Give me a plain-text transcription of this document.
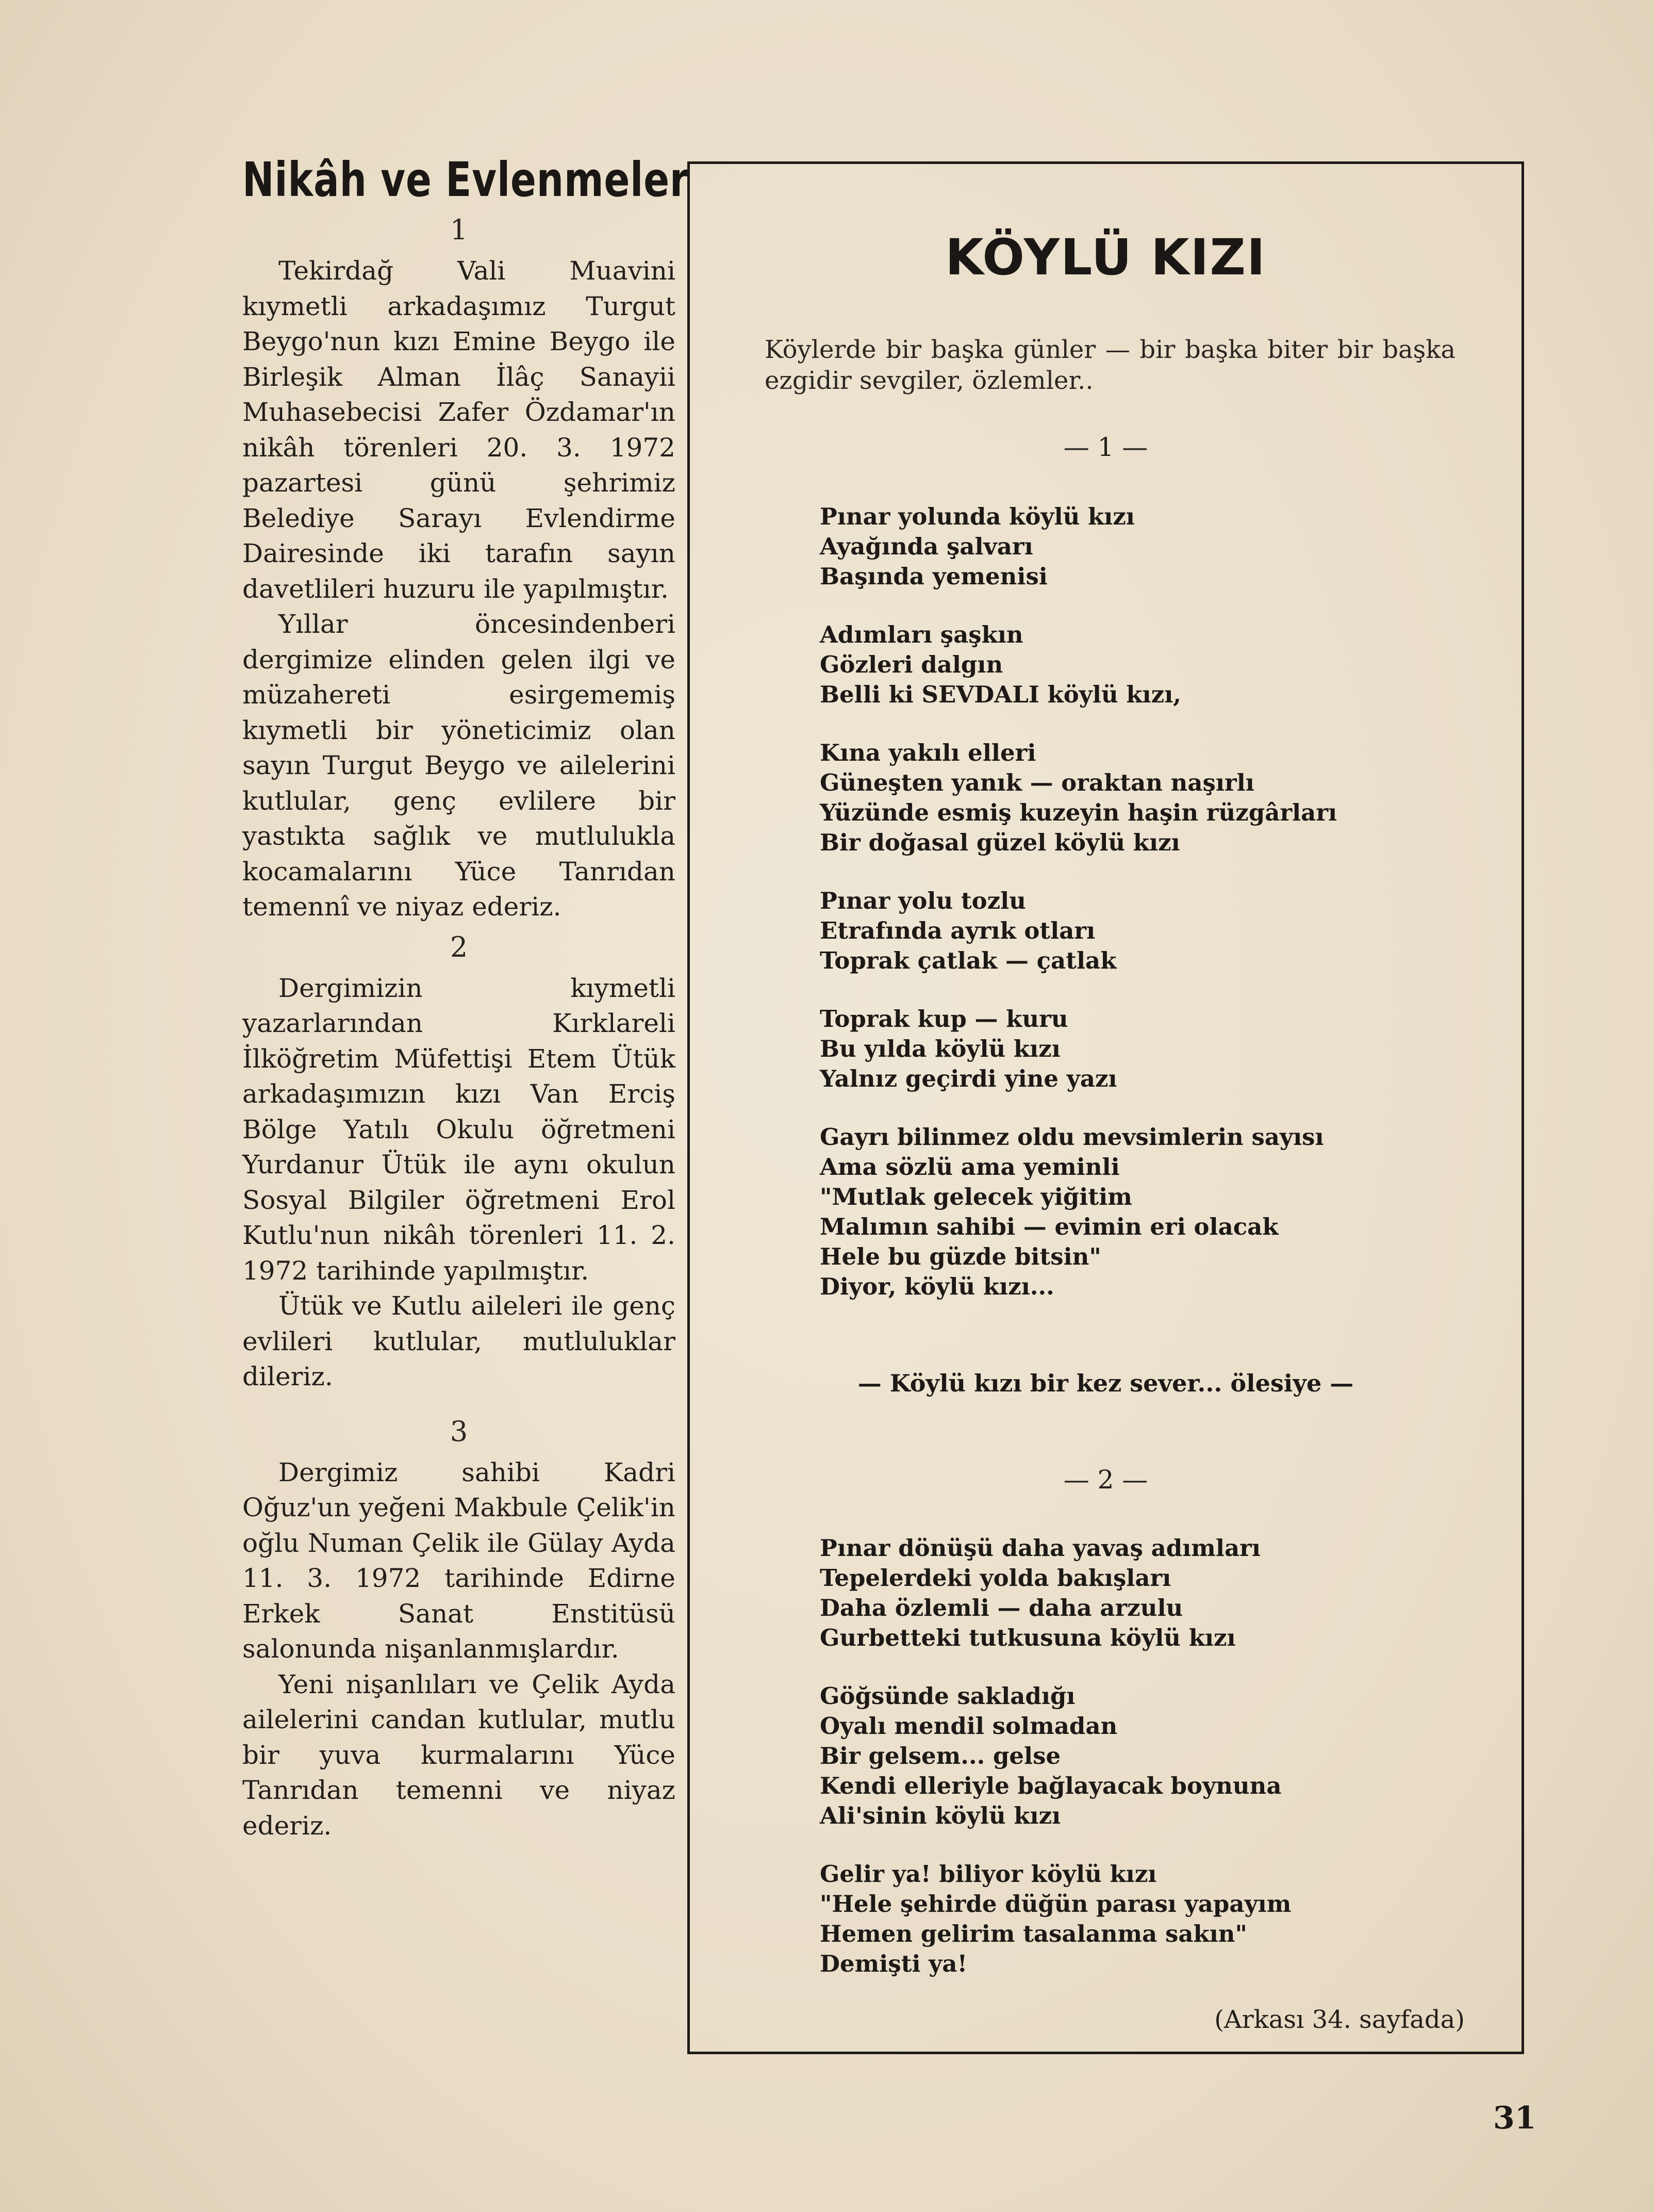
Nikâh ve Evlenmeler
1

Tekirdağ Vali Muavini kıymetli arkadaşımız Turgut Beygo'nun kızı Emine Beygo ile Birleşik Alman İlâç Sanayii Muhasebecisi Zafer Özdamar'ın nikâh törenleri 20. 3. 1972 pazartesi günü şehrimiz Belediye Sarayı Evlendirme Dairesinde iki tarafın sayın davetlileri huzuru ile yapılmıştır.

Yıllar öncesindenberi dergimize elinden gelen ilgi ve müzahereti esirgememiş kıymetli bir yöneticimiz olan sayın Turgut Beygo ve ailelerini kutlular, genç evlilere bir yastıkta sağlık ve mutlulukla kocamalarını Yüce Tanrıdan temennî ve niyaz ederiz.

2

Dergimizin kıymetli yazarlarından Kırklareli İlköğretim Müfettişi Etem Ütük arkadaşımızın kızı Van Erciş Bölge Yatılı Okulu öğretmeni Yurdanur Ütük ile aynı okulun Sosyal Bilgiler öğretmeni Erol Kutlu'nun nikâh törenleri 11. 2. 1972 tarihinde yapılmıştır.

Ütük ve Kutlu aileleri ile genç evlileri kutlular, mutluluklar dileriz.

3

Dergimiz sahibi Kadri Oğuz'un yeğeni Makbule Çelik'in oğlu Numan Çelik ile Gülay Ayda 11. 3. 1972 tarihinde Edirne Erkek Sanat Enstitüsü salonunda nişanlanmışlardır.

Yeni nişanlıları ve Çelik Ayda ailelerini candan kutlular, mutlu bir yuva kurmalarını Yüce Tanrıdan temenni ve niyaz ederiz.

KÖYLÜ KIZI
Köylerde bir başka günler — bir başka biter bir başka ezgidir sevgiler, özlemler..
— 1 —
Pınar yolunda köylü kızı
Ayağında şalvarı
Başında yemenisi
Adımları şaşkın
Gözleri dalgın
Belli ki SEVDALI köylü kızı,
Kına yakılı elleri
Güneşten yanık — oraktan naşırlı
Yüzünde esmiş kuzeyin haşin rüzgârları
Bir doğasal güzel köylü kızı
Pınar yolu tozlu
Etrafında ayrık otları
Toprak çatlak — çatlak
Toprak kup — kuru
Bu yılda köylü kızı
Yalnız geçirdi yine yazı
Gayrı bilinmez oldu mevsimlerin sayısı
Ama sözlü ama yeminli
"Mutlak gelecek yiğitim
Malımın sahibi — evimin eri olacak
Hele bu güzde bitsin"
Diyor, köylü kızı...
— Köylü kızı bir kez sever... ölesiye —
— 2 —
Pınar dönüşü daha yavaş adımları
Tepelerdeki yolda bakışları
Daha özlemli — daha arzulu
Gurbetteki tutkusuna köylü kızı
Göğsünde sakladığı
Oyalı mendil solmadan
Bir gelsem... gelse
Kendi elleriyle bağlayacak boynuna
Ali'sinin köylü kızı
Gelir ya! biliyor köylü kızı
"Hele şehirde düğün parası yapayım
Hemen gelirim tasalanma sakın"
Demişti ya!
(Arkası 34. sayfada)
31
